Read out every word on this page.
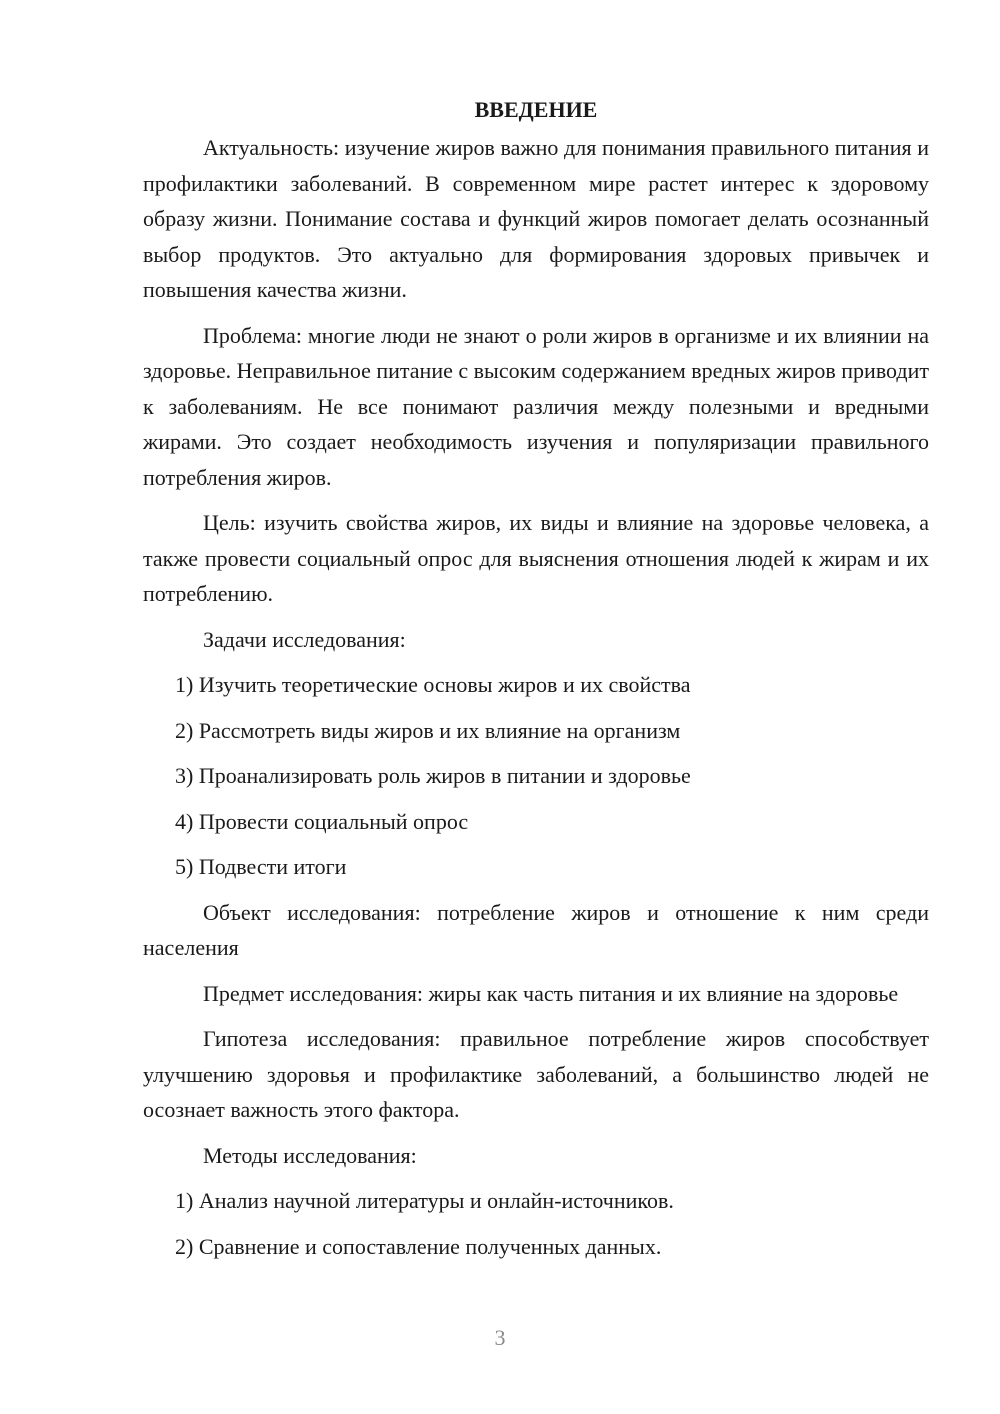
ВВЕДЕНИЕ

Актуальность: изучение жиров важно для понимания правильного питания и профилактики заболеваний. В современном мире растет интерес к здоровому образу жизни. Понимание состава и функций жиров помогает делать осознанный выбор продуктов. Это актуально для формирования здоровых привычек и повышения качества жизни.

Проблема: многие люди не знают о роли жиров в организме и их влиянии на здоровье. Неправильное питание с высоким содержанием вредных жиров приводит к заболеваниям. Не все понимают различия между полезными и вредными жирами. Это создает необходимость изучения и популяризации правильного потребления жиров.

Цель: изучить свойства жиров, их виды и влияние на здоровье человека, а также провести социальный опрос для выяснения отношения людей к жирам и их потреблению.

Задачи исследования:

1) Изучить теоретические основы жиров и их свойства
2) Рассмотреть виды жиров и их влияние на организм
3) Проанализировать роль жиров в питании и здоровье
4) Провести социальный опрос
5) Подвести итоги

Объект исследования: потребление жиров и отношение к ним среди населения

Предмет исследования: жиры как часть питания и их влияние на здоровье

Гипотеза исследования: правильное потребление жиров способствует улучшению здоровья и профилактике заболеваний, а большинство людей не осознает важность этого фактора.

Методы исследования:

1) Анализ научной литературы и онлайн-источников.
2) Сравнение и сопоставление полученных данных.
3
